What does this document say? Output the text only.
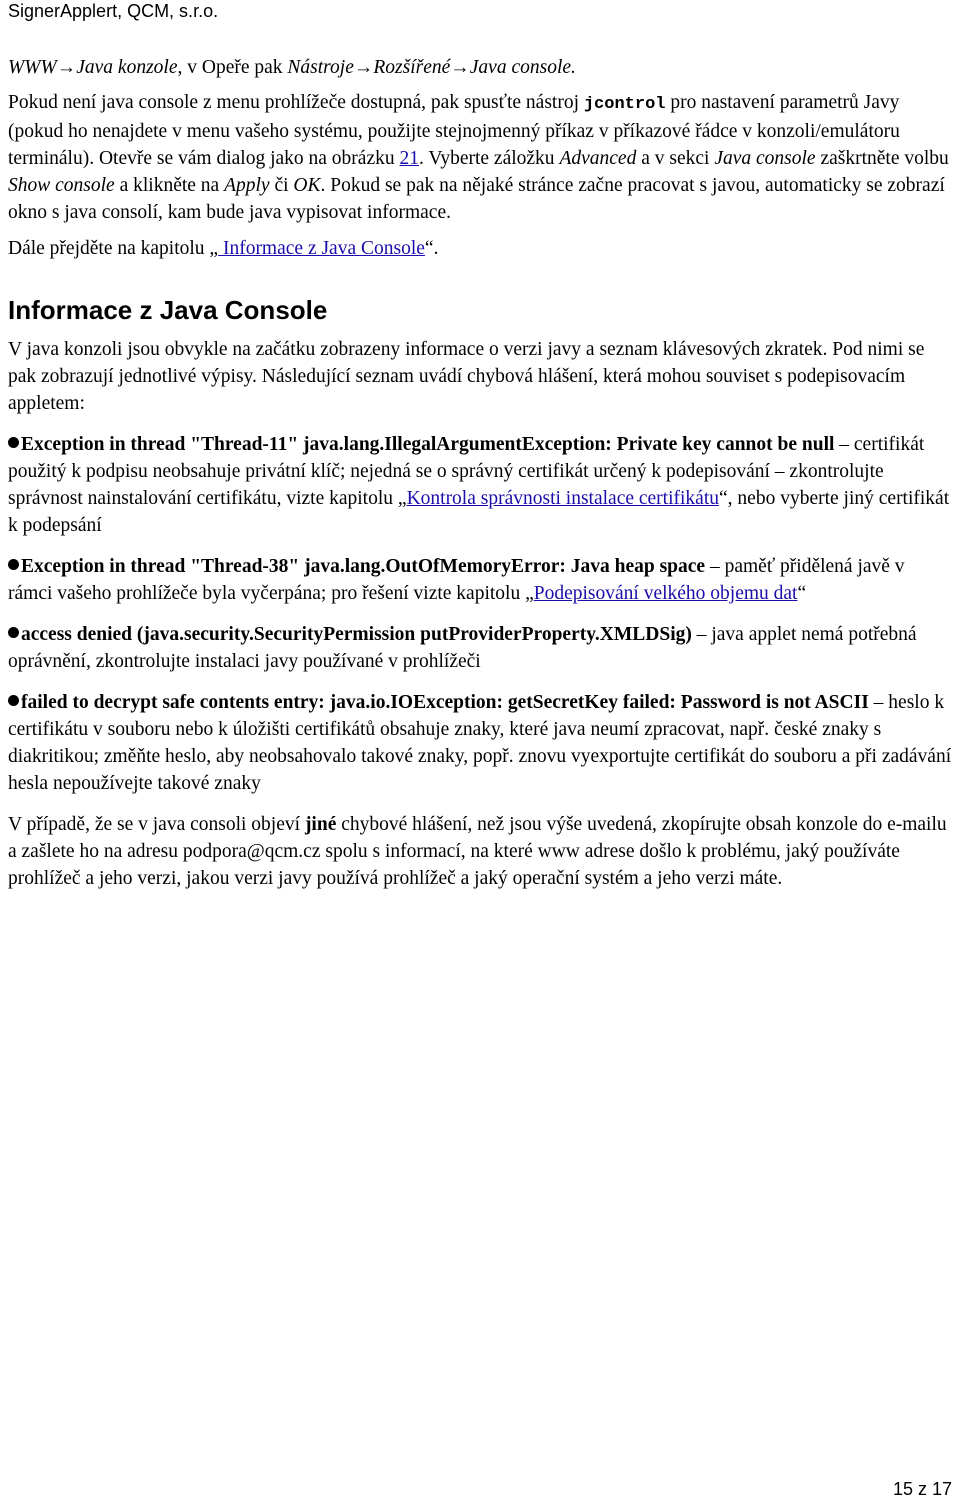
SignerApplert, QCM, s.r.o.

WWW→Java konzole, v Opeře pak Nástroje→Rozšířené→Java console.

Pokud není java console z menu prohlížeče dostupná, pak spusťte nástroj jcontrol pro nastavení parametrů Javy (pokud ho nenajdete v menu vašeho systému, použijte stejnojmenný příkaz v příkazové řádce v konzoli/emulátoru terminálu). Otevře se vám dialog jako na obrázku 21. Vyberte záložku Advanced a v sekci Java console zaškrtněte volbu Show console a klikněte na Apply či OK. Pokud se pak na nějaké stránce začne pracovat s javou, automaticky se zobrazí okno s java consolí, kam bude java vypisovat informace.

Dále přejděte na kapitolu „ Informace z Java Console“.

Informace z Java Console

V java konzoli jsou obvykle na začátku zobrazeny informace o verzi javy a seznam klávesových zkratek. Pod nimi se pak zobrazují jednotlivé výpisy. Následující seznam uvádí chybová hlášení, která mohou souviset s podepisovacím appletem:

Exception in thread "Thread-11" java.lang.IllegalArgumentException: Private key cannot be null – certifikát použitý k podpisu neobsahuje privátní klíč; nejedná se o správný certifikát určený k podepisování – zkontrolujte správnost nainstalování certifikátu, vizte kapitolu „Kontrola správnosti instalace certifikátu“, nebo vyberte jiný certifikát k podepsání
Exception in thread "Thread-38" java.lang.OutOfMemoryError: Java heap space – paměť přidělená javě v rámci vašeho prohlížeče byla vyčerpána; pro řešení vizte kapitolu „Podepisování velkého objemu dat“
access denied (java.security.SecurityPermission putProviderProperty.XMLDSig) – java applet nemá potřebná oprávnění, zkontrolujte instalaci javy používané v prohlížeči
failed to decrypt safe contents entry: java.io.IOException: getSecretKey failed: Password is not ASCII – heslo k certifikátu v souboru nebo k úložišti certifikátů obsahuje znaky, které java neumí zpracovat, např. české znaky s diakritikou; změňte heslo, aby neobsahovalo takové znaky, popř. znovu vyexportujte certifikát do souboru a při zadávání hesla nepoužívejte takové znaky

V případě, že se v java consoli objeví jiné chybové hlášení, než jsou výše uvedená, zkopírujte obsah konzole do e-mailu a zašlete ho na adresu podpora@qcm.cz spolu s informací, na které www adrese došlo k problému, jaký používáte prohlížeč a jeho verzi, jakou verzi javy používá prohlížeč a jaký operační systém a jeho verzi máte.

15 z 17
